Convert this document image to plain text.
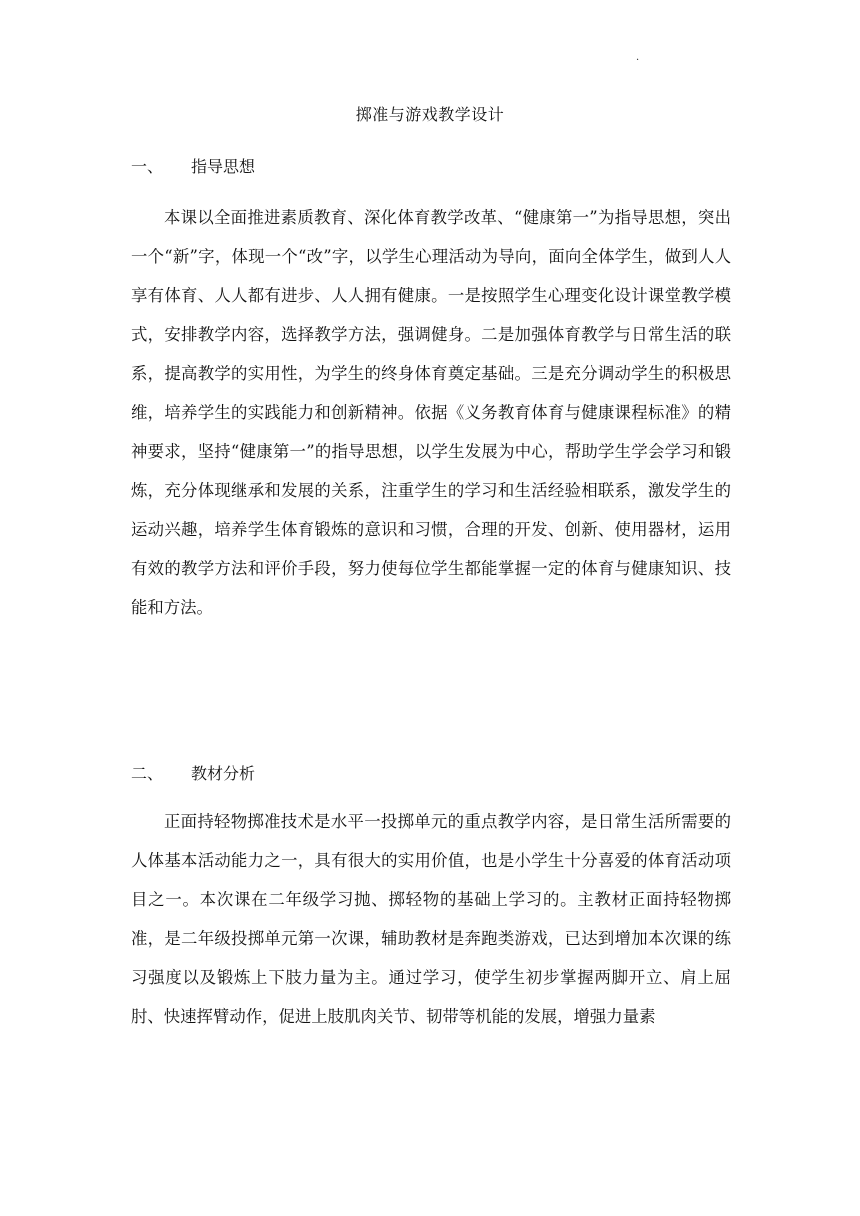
·
掷准与游戏教学设计
一、 指导思想
本课以全面推进素质教育、深化体育教学改革、“健康第一”为指导思想，突出一个“新”字，体现一个“改”字，以学生心理活动为导向，面向全体学生，做到人人享有体育、人人都有进步、人人拥有健康。一是按照学生心理变化设计课堂教学模式，安排教学内容，选择教学方法，强调健身。二是加强体育教学与日常生活的联系，提高教学的实用性，为学生的终身体育奠定基础。三是充分调动学生的积极思维，培养学生的实践能力和创新精神。依据《义务教育体育与健康课程标准》的精神要求，坚持“健康第一”的指导思想，以学生发展为中心，帮助学生学会学习和锻炼，充分体现继承和发展的关系，注重学生的学习和生活经验相联系，激发学生的运动兴趣，培养学生体育锻炼的意识和习惯，合理的开发、创新、使用器材，运用有效的教学方法和评价手段，努力使每位学生都能掌握一定的体育与健康知识、技能和方法。
二、 教材分析
正面持轻物掷准技术是水平一投掷单元的重点教学内容，是日常生活所需要的人体基本活动能力之一，具有很大的实用价值，也是小学生十分喜爱的体育活动项目之一。本次课在二年级学习抛、掷轻物的基础上学习的。主教材正面持轻物掷准，是二年级投掷单元第一次课，辅助教材是奔跑类游戏，已达到增加本次课的练习强度以及锻炼上下肢力量为主。通过学习，使学生初步掌握两脚开立、肩上屈肘、快速挥臂动作，促进上肢肌肉关节、韧带等机能的发展，增强力量素
